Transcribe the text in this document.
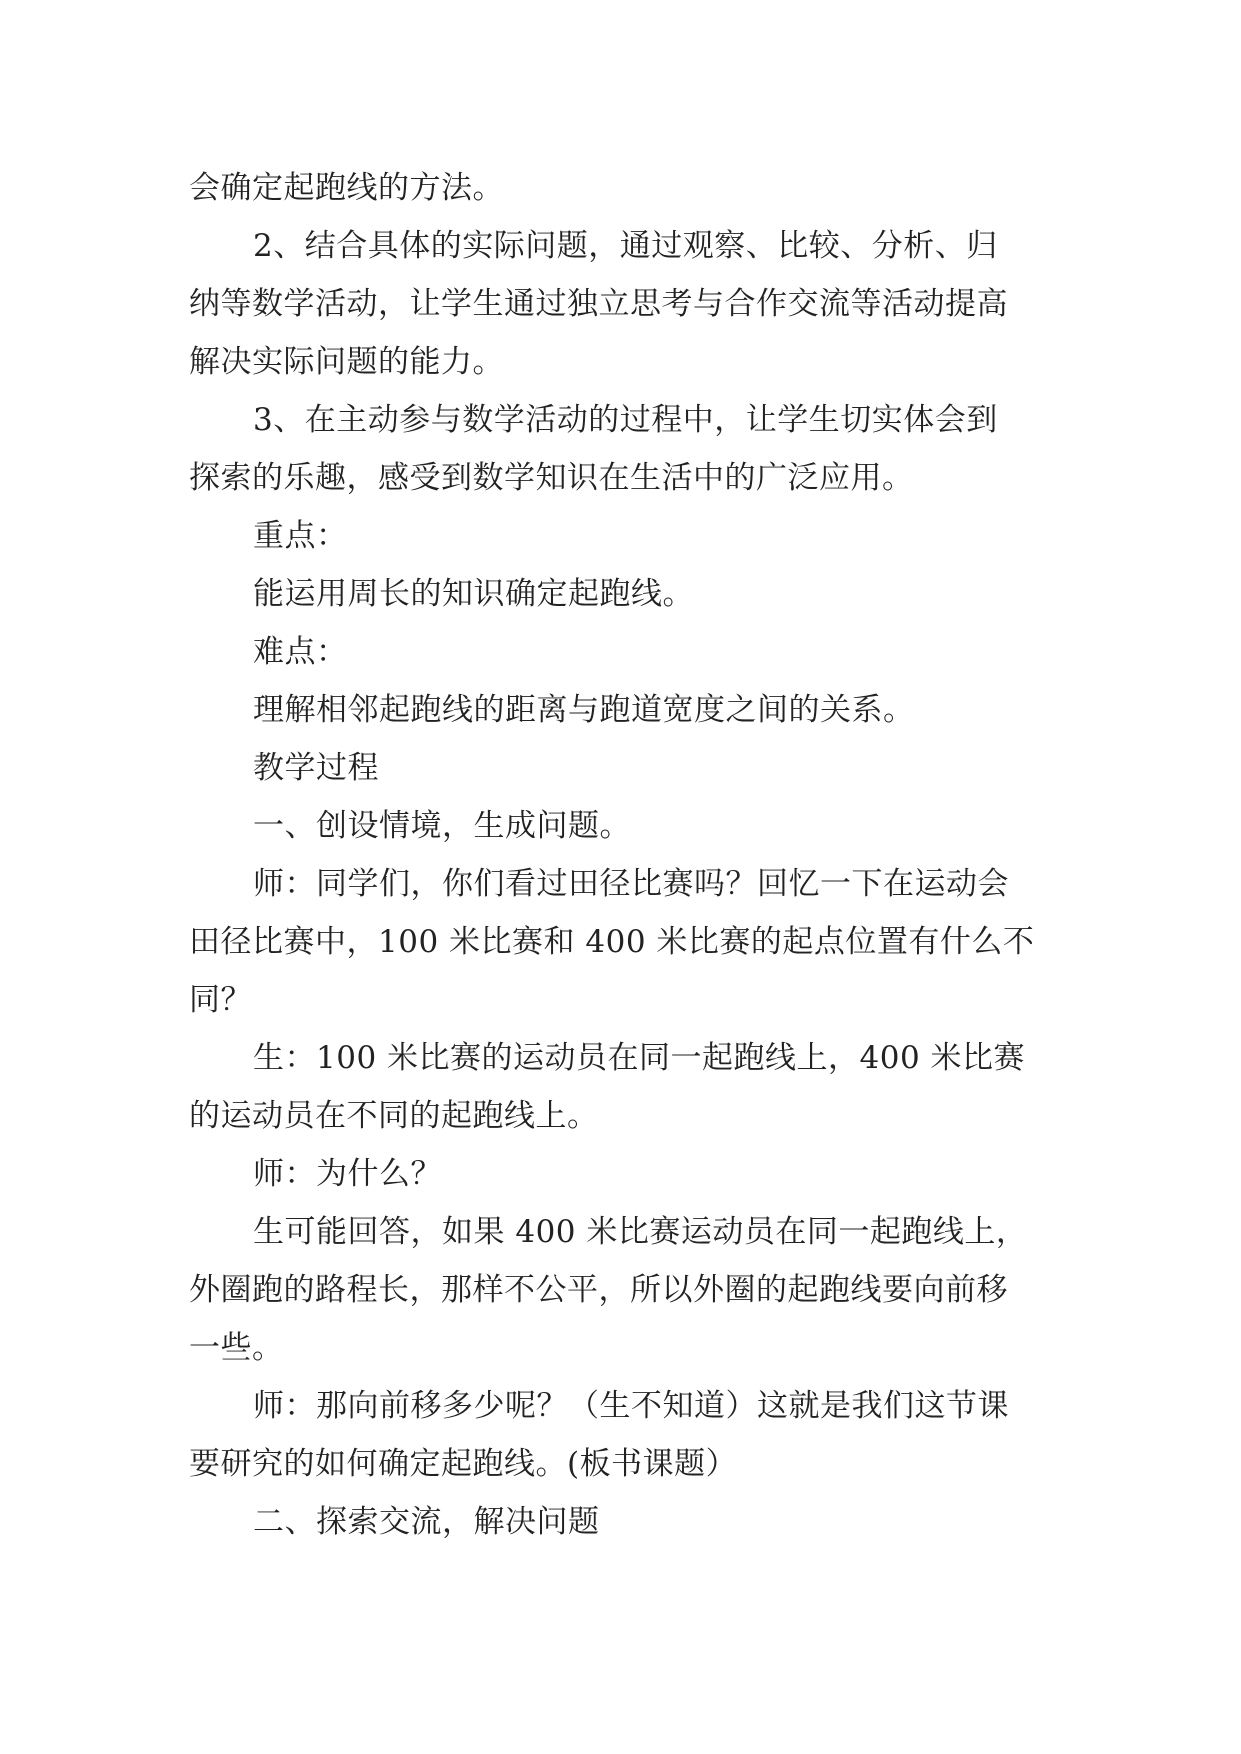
会确定起跑线的方法。
2、结合具体的实际问题，通过观察、比较、分析、归
纳等数学活动，让学生通过独立思考与合作交流等活动提高
解决实际问题的能力。
3、在主动参与数学活动的过程中，让学生切实体会到
探索的乐趣，感受到数学知识在生活中的广泛应用。
重点：
能运用周长的知识确定起跑线。
难点：
理解相邻起跑线的距离与跑道宽度之间的关系。
教学过程
一、创设情境，生成问题。
师：同学们，你们看过田径比赛吗？回忆一下在运动会
田径比赛中，100 米比赛和 400 米比赛的起点位置有什么不
同？
生：100 米比赛的运动员在同一起跑线上，400 米比赛
的运动员在不同的起跑线上。
师：为什么？
生可能回答，如果 400 米比赛运动员在同一起跑线上，
外圈跑的路程长，那样不公平，所以外圈的起跑线要向前移
一些。
师：那向前移多少呢？（生不知道）这就是我们这节课
要研究的如何确定起跑线。(板书课题）
二、探索交流，解决问题
